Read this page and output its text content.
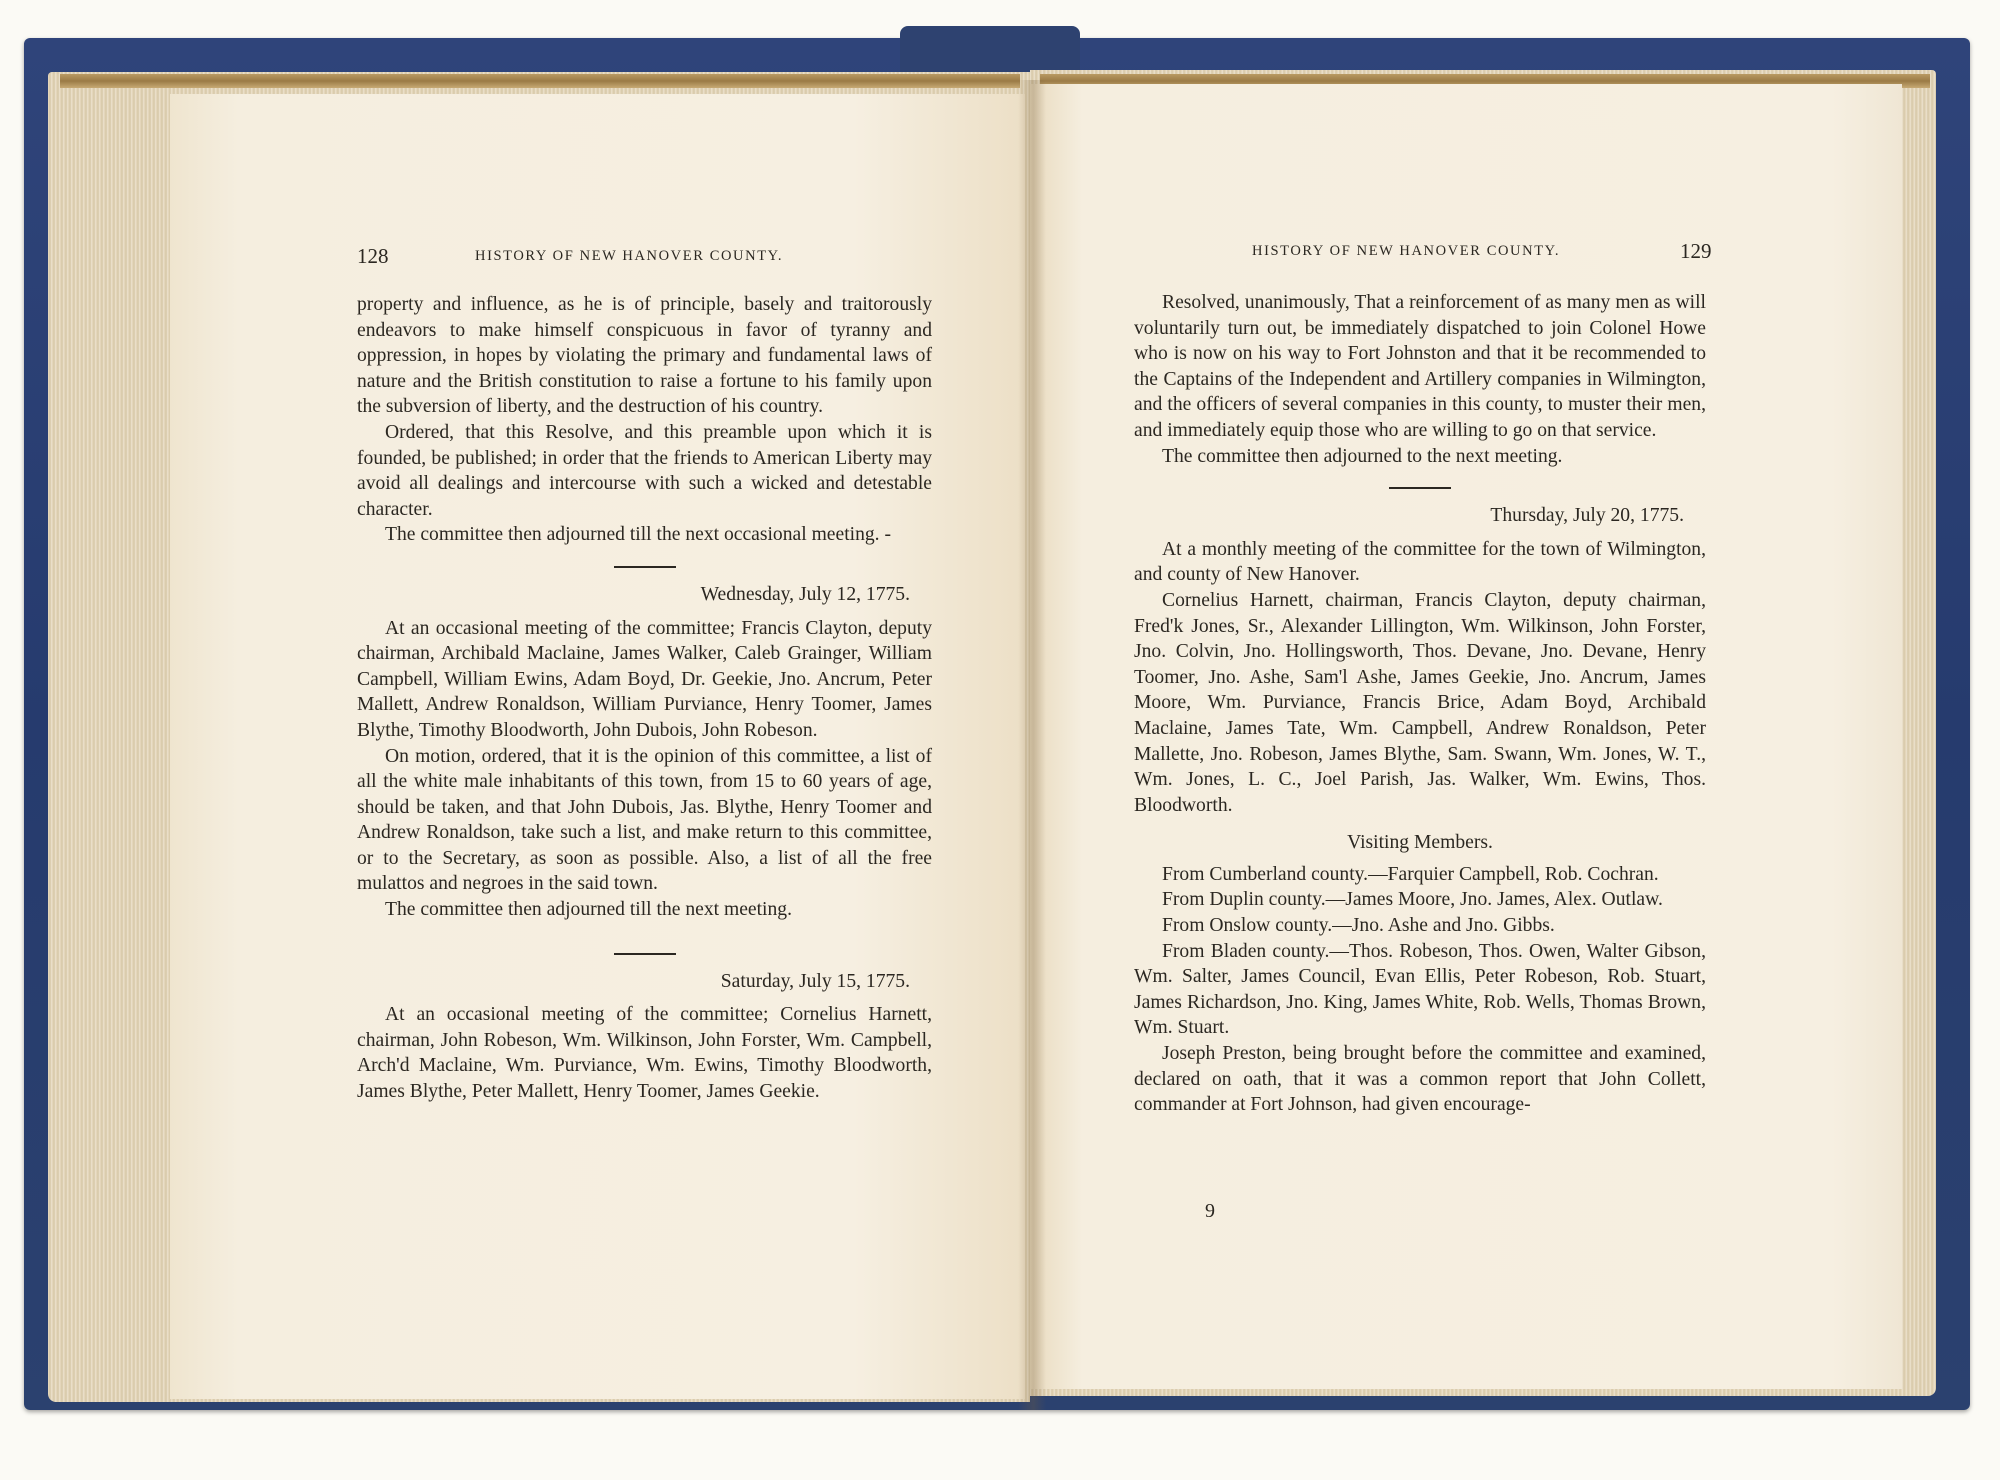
128	HISTORY OF NEW HANOVER COUNTY.

property and influence, as he is of principle, basely and traitorously endeavors to make himself conspicuous in favor of tyranny and oppression, in hopes by violating the primary and fundamental laws of nature and the British constitution to raise a fortune to his family upon the subversion of liberty, and the destruction of his country.

Ordered, that this Resolve, and this preamble upon which it is founded, be published; in order that the friends to American Liberty may avoid all dealings and intercourse with such a wicked and detestable character.

The committee then adjourned till the next occasional meeting. -

Wednesday, July 12, 1775.

At an occasional meeting of the committee; Francis Clayton, deputy chairman, Archibald Maclaine, James Walker, Caleb Grainger, William Campbell, William Ewins, Adam Boyd, Dr. Geekie, Jno. Ancrum, Peter Mallett, Andrew Ronaldson, William Purviance, Henry Toomer, James Blythe, Timothy Bloodworth, John Dubois, John Robeson.

On motion, ordered, that it is the opinion of this committee, a list of all the white male inhabitants of this town, from 15 to 60 years of age, should be taken, and that John Dubois, Jas. Blythe, Henry Toomer and Andrew Ronaldson, take such a list, and make return to this committee, or to the Secretary, as soon as possible. Also, a list of all the free mulattos and negroes in the said town.

The committee then adjourned till the next meeting.

Saturday, July 15, 1775.

At an occasional meeting of the committee; Cornelius Harnett, chairman, John Robeson, Wm. Wilkinson, John Forster, Wm. Campbell, Arch'd Maclaine, Wm. Purviance, Wm. Ewins, Timothy Bloodworth, James Blythe, Peter Mallett, Henry Toomer, James Geekie.

HISTORY OF NEW HANOVER COUNTY.	129

Resolved, unanimously, That a reinforcement of as many men as will voluntarily turn out, be immediately dispatched to join Colonel Howe who is now on his way to Fort Johnston and that it be recommended to the Captains of the Independent and Artillery companies in Wilmington, and the officers of several companies in this county, to muster their men, and immediately equip those who are willing to go on that service.

The committee then adjourned to the next meeting.

Thursday, July 20, 1775.

At a monthly meeting of the committee for the town of Wilmington, and county of New Hanover.

Cornelius Harnett, chairman, Francis Clayton, deputy chairman, Fred'k Jones, Sr., Alexander Lillington, Wm. Wilkinson, John Forster, Jno. Colvin, Jno. Hollingsworth, Thos. Devane, Jno. Devane, Henry Toomer, Jno. Ashe, Sam'l Ashe, James Geekie, Jno. Ancrum, James Moore, Wm. Purviance, Francis Brice, Adam Boyd, Archibald Maclaine, James Tate, Wm. Campbell, Andrew Ronaldson, Peter Mallette, Jno. Robeson, James Blythe, Sam. Swann, Wm. Jones, W. T., Wm. Jones, L. C., Joel Parish, Jas. Walker, Wm. Ewins, Thos. Bloodworth.

Visiting Members.

From Cumberland county.—Farquier Campbell, Rob. Cochran.

From Duplin county.—James Moore, Jno. James, Alex. Outlaw.

From Onslow county.—Jno. Ashe and Jno. Gibbs.

From Bladen county.—Thos. Robeson, Thos. Owen, Walter Gibson, Wm. Salter, James Council, Evan Ellis, Peter Robeson, Rob. Stuart, James Richardson, Jno. King, James White, Rob. Wells, Thomas Brown, Wm. Stuart.

Joseph Preston, being brought before the committee and examined, declared on oath, that it was a common report that John Collett, commander at Fort Johnson, had given encourage-

9
